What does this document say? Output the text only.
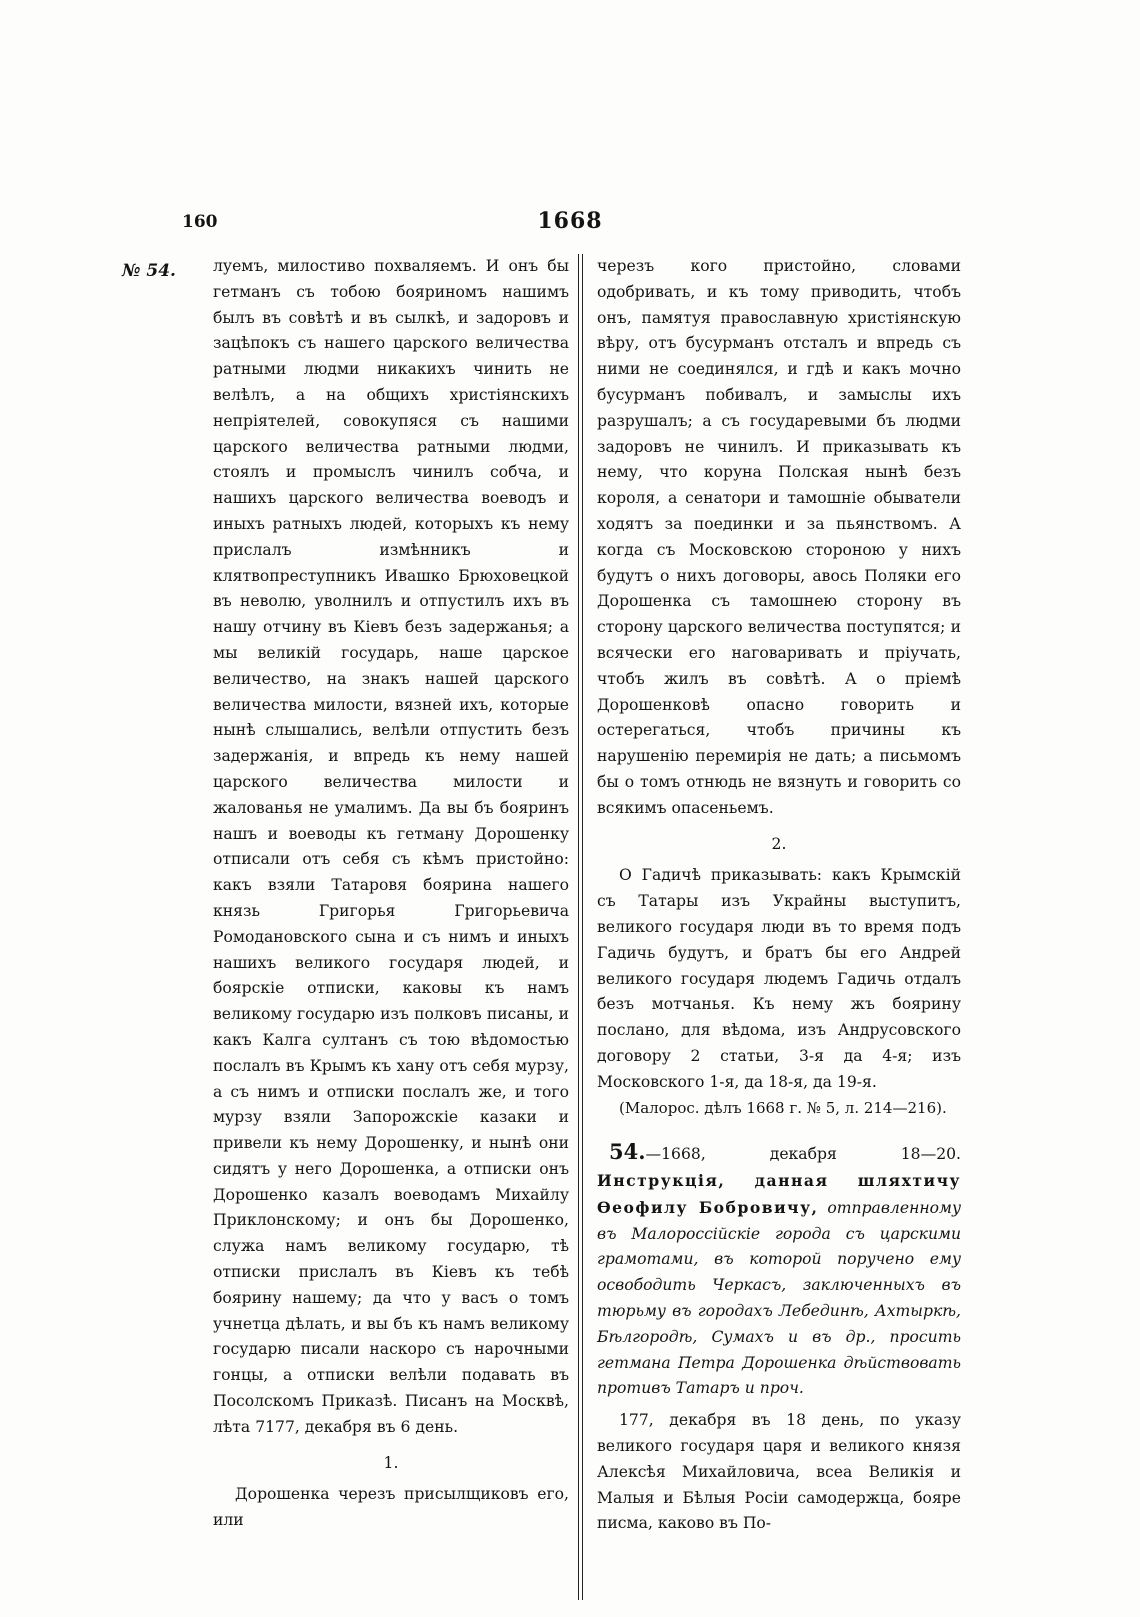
160	1668
№ 54. луемъ, милостиво похваляемъ. И онъ бы гетманъ съ тобою бояриномъ нашимъ былъ въ совѣтѣ и въ сылкѣ, и задоровъ и зацѣпокъ съ нашего царского величества ратными людми никакихъ чинить не велѣлъ, а на общихъ христіянскихъ непріятелей, совокупяся съ нашими царского величества ратными людми, стоялъ и промыслъ чинилъ собча, и нашихъ царского величества воеводъ и иныхъ ратныхъ людей, которыхъ къ нему прислалъ измѣнникъ и клятвопреступникъ Ивашко Брюховецкой въ неволю, уволнилъ и отпустилъ ихъ въ нашу отчину въ Кіевъ безъ задержанья; а мы великій государь, наше царское величество, на знакъ нашей царского величества милости, вязней ихъ, которые нынѣ слышались, велѣли отпустить безъ задержанія, и впредь къ нему нашей царского величества милости и жалованья не умалимъ. Да вы бъ бояринъ нашъ и воеводы къ гетману Дорошенку отписали отъ себя съ кѣмъ пристойно: какъ взяли Татаровя боярина нашего князь Григорья Григорьевича Ромодановского сына и съ нимъ и иныхъ нашихъ великого государя людей, и боярскіе отписки, каковы къ намъ великому государю изъ полковъ писаны, и какъ Калга султанъ съ тою вѣдомостью послалъ въ Крымъ къ хану отъ себя мурзу, а съ нимъ и отписки послалъ же, и того мурзу взяли Запорожскіе казаки и привели къ нему Дорошенку, и нынѣ они сидятъ у него Дорошенка, а отписки онъ Дорошенко казалъ воеводамъ Михайлу Приклонскому; и онъ бы Дорошенко, служа намъ великому государю, тѣ отписки прислалъ въ Кіевъ къ тебѣ боярину нашему; да что у васъ о томъ учнетца дѣлать, и вы бъ къ намъ великому государю писали наскоро съ нарочными гонцы, а отписки велѣли подавать въ Посолскомъ Приказѣ. Писанъ на Москвѣ, лѣта 7177, декабря въ 6 день.

1.

Дорошенка черезъ присылщиковъ его, или

черезъ кого пристойно, словами одобривать, и къ тому приводить, чтобъ онъ, памятуя православную христіянскую вѣру, отъ бусурманъ отсталъ и впредь съ ними не соединялся, и гдѣ и какъ мочно бусурманъ побивалъ, и замыслы ихъ разрушалъ; а съ государевыми бъ людми задоровъ не чинилъ. И приказывать къ нему, что коруна Полская нынѣ безъ короля, а сенатори и тамошніе обыватели ходятъ за поединки и за пьянствомъ. А когда съ Московскою стороною у нихъ будутъ о нихъ договоры, авось Поляки его Дорошенка съ тамошнею сторону въ сторону царского величества поступятся; и всячески его наговаривать и пріучать, чтобъ жилъ въ совѣтѣ. А о пріемѣ Дорошенковѣ опасно говорить и остерегаться, чтобъ причины къ нарушенію перемирія не дать; а письмомъ бы о томъ отнюдь не вязнуть и говорить со всякимъ опасеньемъ.

2.

О Гадичѣ приказывать: какъ Крымскій съ Татары изъ Украйны выступитъ, великого государя люди въ то время подъ Гадичь будутъ, и братъ бы его Андрей великого государя людемъ Гадичь отдалъ безъ мотчанья. Къ нему жъ боярину послано, для вѣдома, изъ Андрусовского договору 2 статьи, 3-я да 4-я; изъ Московского 1-я, да 18-я, да 19-я.

(Малорос. дѣлъ 1668 г. № 5, л. 214—216).

54.—1668, декабря 18—20. Инструкція, данная шляхтичу Ѳеофилу Бобровичу, отправленному въ Малороссійскіе города съ царскими грамотами, въ которой поручено ему освободить Черкасъ, заключенныхъ въ тюрьму въ городахъ Лебединѣ, Ахтыркѣ, Бѣлгородѣ, Сумахъ и въ др., просить гетмана Петра Дорошенка дѣйствовать противъ Татаръ и проч.

177, декабря въ 18 день, по указу великого государя царя и великого князя Алексѣя Михайловича, всеа Великія и Малыя и Бѣлыя Росіи самодержца, бояре писма, каково въ По-
